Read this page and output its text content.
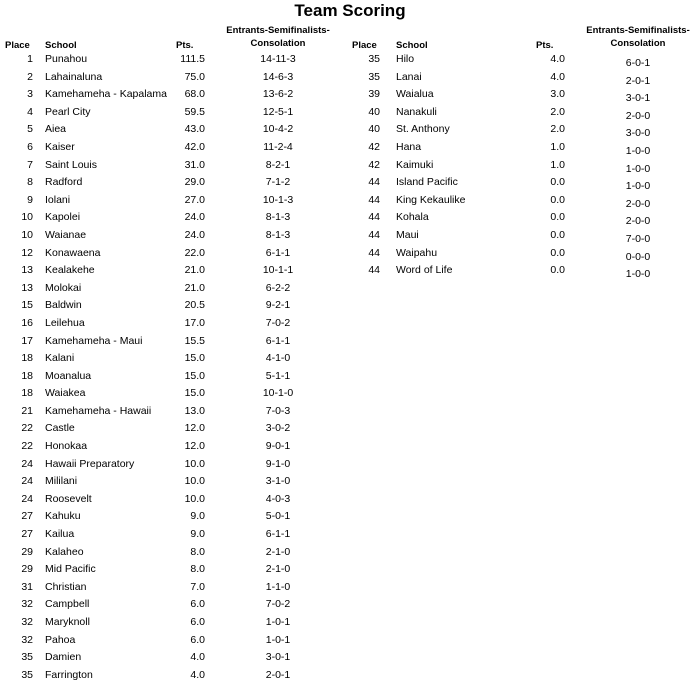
Team Scoring
Place School	Pts.
Entrants-Semifinalists-
Consolation
1 Punahou	111.5	14-11-3
2 Lahainaluna	75.0	14-6-3
3 Kamehameha - Kapalama	68.0	13-6-2
4 Pearl City	59.5	12-5-1
5 Aiea	43.0	10-4-2
6 Kaiser	42.0	11-2-4
7 Saint Louis	31.0	8-2-1
8 Radford	29.0	7-1-2
9 Iolani	27.0	10-1-3
10 Kapolei	24.0	8-1-3
10 Waianae	24.0	8-1-3
12 Konawaena	22.0	6-1-1
13 Kealakehe	21.0	10-1-1
13 Molokai	21.0	6-2-2
15 Baldwin	20.5	9-2-1
16 Leilehua	17.0	7-0-2
17 Kamehameha - Maui	15.5	6-1-1
18 Kalani	15.0	4-1-0
18 Moanalua	15.0	5-1-1
18 Waiakea	15.0	10-1-0
21 Kamehameha - Hawaii	13.0	7-0-3
22 Castle	12.0	3-0-2
22 Honokaa	12.0	9-0-1
24 Hawaii Preparatory	10.0	9-1-0
24 Mililani	10.0	3-1-0
24 Roosevelt	10.0	4-0-3
27 Kahuku	9.0	5-0-1
27 Kailua	9.0	6-1-1
29 Kalaheo	8.0	2-1-0
29 Mid Pacific	8.0	2-1-0
31 Christian	7.0	1-1-0
32 Campbell	6.0	7-0-2
32 Maryknoll	6.0	1-0-1
32 Pahoa	6.0	1-0-1
35 Damien	4.0	3-0-1
35 Farrington	4.0	2-0-1
Place School	Pts.
Entrants-Semifinalists-
Consolation
35 Hilo	4.0	6-0-1
35 Lanai	4.0	2-0-1
39 Waialua	3.0	3-0-1
40 Nanakuli	2.0	2-0-0
40 St. Anthony	2.0	3-0-0
42 Hana	1.0	1-0-0
42 Kaimuki	1.0	1-0-0
44 Island Pacific	0.0	1-0-0
44 King Kekaulike	0.0	2-0-0
44 Kohala	0.0	2-0-0
44 Maui	0.0	7-0-0
44 Waipahu	0.0	0-0-0
44 Word of Life	0.0	1-0-0
